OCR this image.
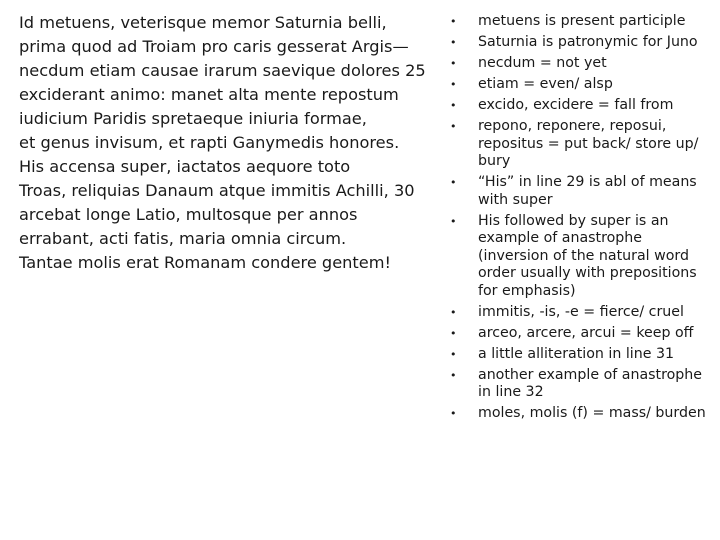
Id metuens, veterisque memor Saturnia belli,
prima quod ad Troiam pro caris gesserat Argis—
necdum etiam causae irarum saevique dolores 25
exciderant animo: manet alta mente repostum
iudicium Paridis spretaeque iniuria formae,
et genus invisum, et rapti Ganymedis honores.
His accensa super, iactatos aequore toto
Troas, reliquias Danaum atque immitis Achilli, 30
arcebat longe Latio, multosque per annos
errabant, acti fatis, maria omnia circum.
Tantae molis erat Romanam condere gentem!
• metuens is present participle
• Saturnia is patronymic for Juno
• necdum = not yet
• etiam = even/ alsp
• excido, excidere = fall from
• repono, reponere, reposui,
repositus = put back/ store up/
bury
• “His” in line 29 is abl of means
with super
• His followed by super is an
example of anastrophe
(inversion of the natural word
order usually with prepositions
for emphasis)
• immitis, -is, -e = fierce/ cruel
• arceo, arcere, arcui = keep off
• a little alliteration in line 31
• another example of anastrophe
in line 32
• moles, molis (f) = mass/ burden
